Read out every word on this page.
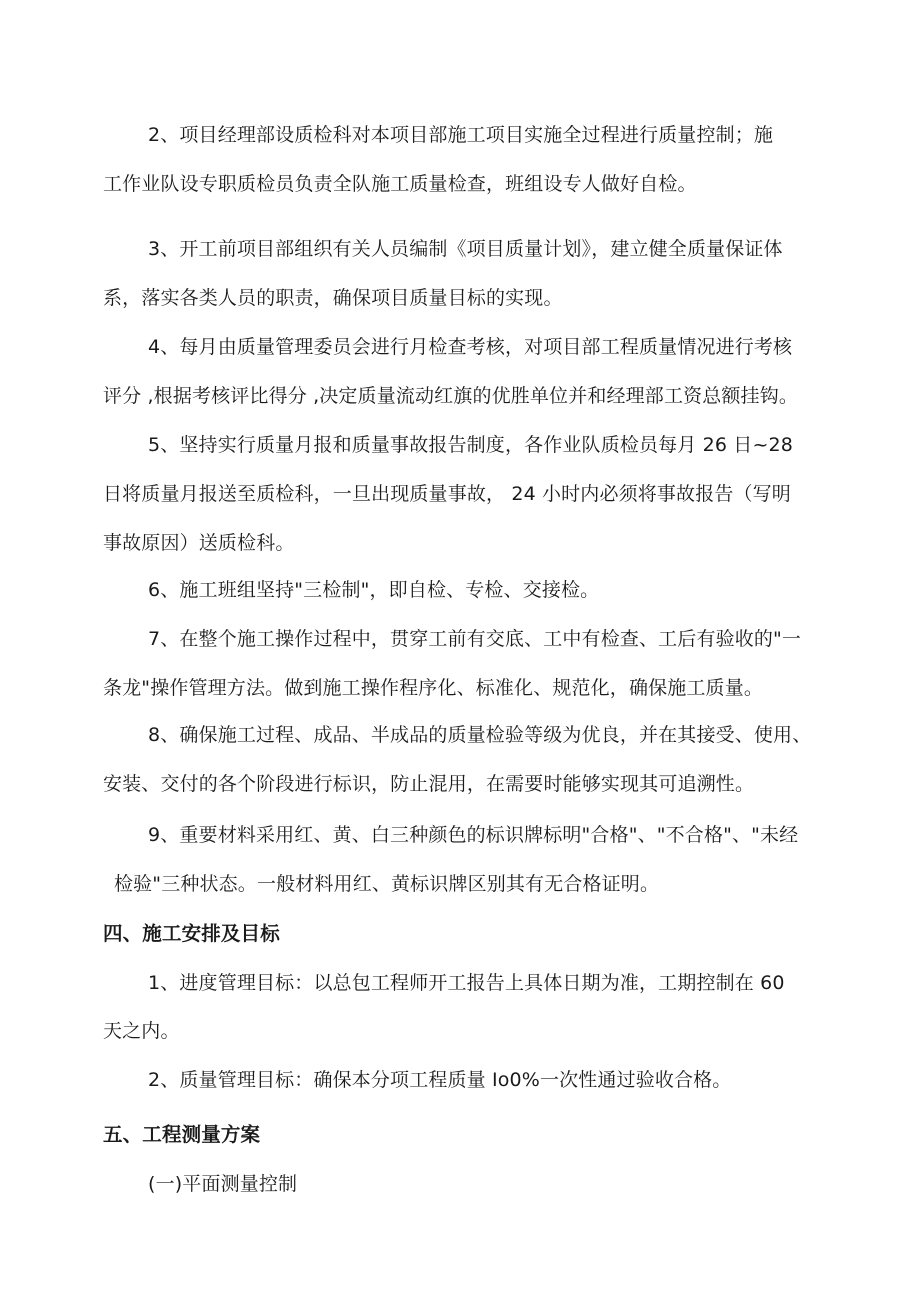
2、项目经理部设质检科对本项目部施工项目实施全过程进行质量控制；施
工作业队设专职质检员负责全队施工质量检查，班组设专人做好自检。
3、开工前项目部组织有关人员编制《项目质量计划》，建立健全质量保证体
系，落实各类人员的职责，确保项目质量目标的实现。
4、每月由质量管理委员会进行月检查考核，对项目部工程质量情况进行考核
评分 ,根据考核评比得分 ,决定质量流动红旗的优胜单位并和经理部工资总额挂钩。
5、坚持实行质量月报和质量事故报告制度，各作业队质检员每月 26 日~28
日将质量月报送至质检科，一旦出现质量事故， 24 小时内必须将事故报告（写明
事故原因）送质检科。
6、施工班组坚持"三检制"，即自检、专检、交接检。
7、在整个施工操作过程中，贯穿工前有交底、工中有检查、工后有验收的"一
条龙"操作管理方法。做到施工操作程序化、标准化、规范化，确保施工质量。
8、确保施工过程、成品、半成品的质量检验等级为优良，并在其接受、使用、
安装、交付的各个阶段进行标识，防止混用，在需要时能够实现其可追溯性。
9、重要材料采用红、黄、白三种颜色的标识牌标明"合格"、"不合格"、"未经
检验"三种状态。一般材料用红、黄标识牌区别其有无合格证明。
四、施工安排及目标
1、进度管理目标：以总包工程师开工报告上具体日期为准，工期控制在 60
天之内。
2、质量管理目标：确保本分项工程质量 Io0%一次性通过验收合格。
五、工程测量方案
(一)平面测量控制
